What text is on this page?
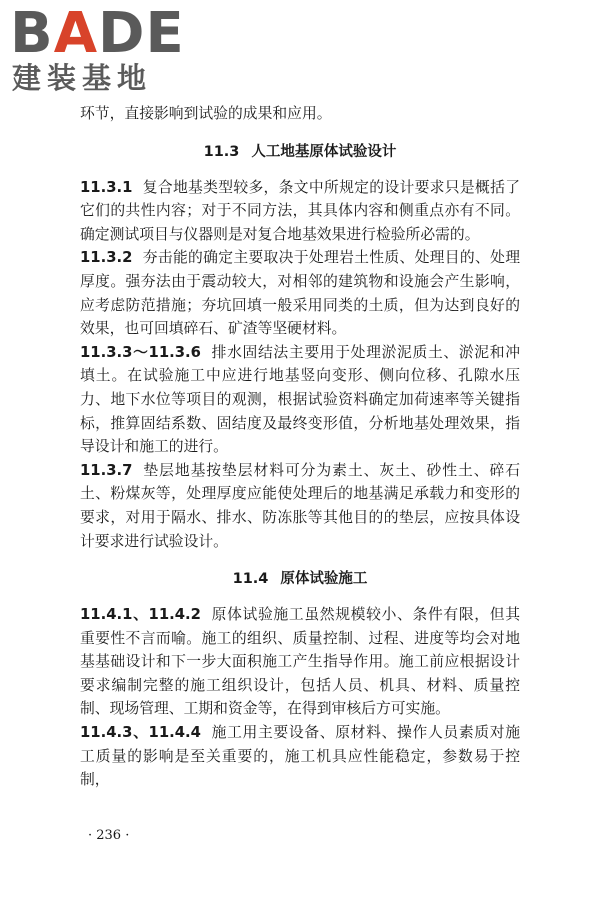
BADE
建装基地

环节，直接影响到试验的成果和应用。

11.3 人工地基原体试验设计

11.3.1 复合地基类型较多，条文中所规定的设计要求只是概括了它们的共性内容；对于不同方法，其具体内容和侧重点亦有不同。确定测试项目与仪器则是对复合地基效果进行检验所必需的。

11.3.2 夯击能的确定主要取决于处理岩土性质、处理目的、处理厚度。强夯法由于震动较大，对相邻的建筑物和设施会产生影响，应考虑防范措施；夯坑回填一般采用同类的土质，但为达到良好的效果，也可回填碎石、矿渣等坚硬材料。

11.3.3～11.3.6 排水固结法主要用于处理淤泥质土、淤泥和冲填土。在试验施工中应进行地基竖向变形、侧向位移、孔隙水压力、地下水位等项目的观测，根据试验资料确定加荷速率等关键指标，推算固结系数、固结度及最终变形值，分析地基处理效果，指导设计和施工的进行。

11.3.7 垫层地基按垫层材料可分为素土、灰土、砂性土、碎石土、粉煤灰等，处理厚度应能使处理后的地基满足承载力和变形的要求，对用于隔水、排水、防冻胀等其他目的的垫层，应按具体设计要求进行试验设计。

11.4 原体试验施工

11.4.1、11.4.2 原体试验施工虽然规模较小、条件有限，但其重要性不言而喻。施工的组织、质量控制、过程、进度等均会对地基基础设计和下一步大面积施工产生指导作用。施工前应根据设计要求编制完整的施工组织设计，包括人员、机具、材料、质量控制、现场管理、工期和资金等，在得到审核后方可实施。

11.4.3、11.4.4 施工用主要设备、原材料、操作人员素质对施工质量的影响是至关重要的，施工机具应性能稳定，参数易于控制，

· 236 ·
